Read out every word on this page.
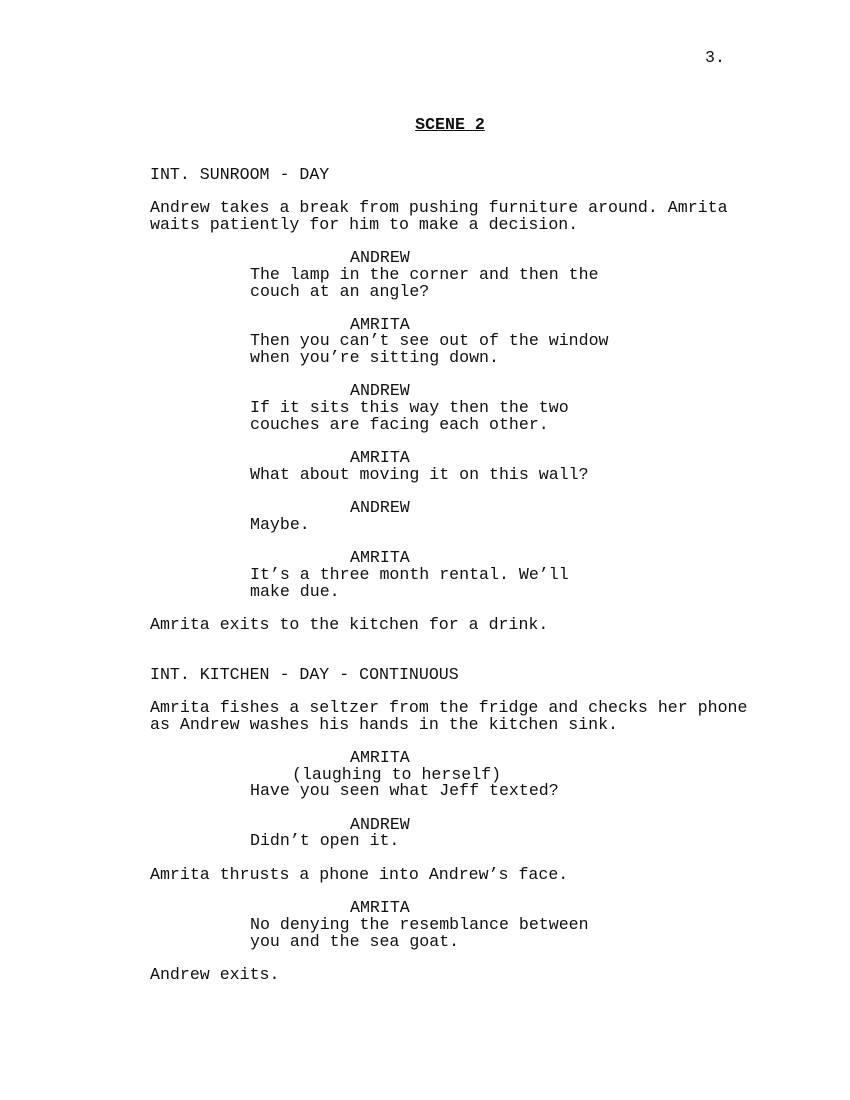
3.
SCENE 2
INT. SUNROOM - DAY
Andrew takes a break from pushing furniture around. Amrita waits patiently for him to make a decision.
ANDREW
The lamp in the corner and then the couch at an angle?
AMRITA
Then you can’t see out of the window when you’re sitting down.
ANDREW
If it sits this way then the two couches are facing each other.
AMRITA
What about moving it on this wall?
ANDREW
Maybe.
AMRITA
It’s a three month rental. We’ll make due.
Amrita exits to the kitchen for a drink.
INT. KITCHEN - DAY - CONTINUOUS
Amrita fishes a seltzer from the fridge and checks her phone as Andrew washes his hands in the kitchen sink.
AMRITA
(laughing to herself)
Have you seen what Jeff texted?
ANDREW
Didn’t open it.
Amrita thrusts a phone into Andrew’s face.
AMRITA
No denying the resemblance between you and the sea goat.
Andrew exits.
